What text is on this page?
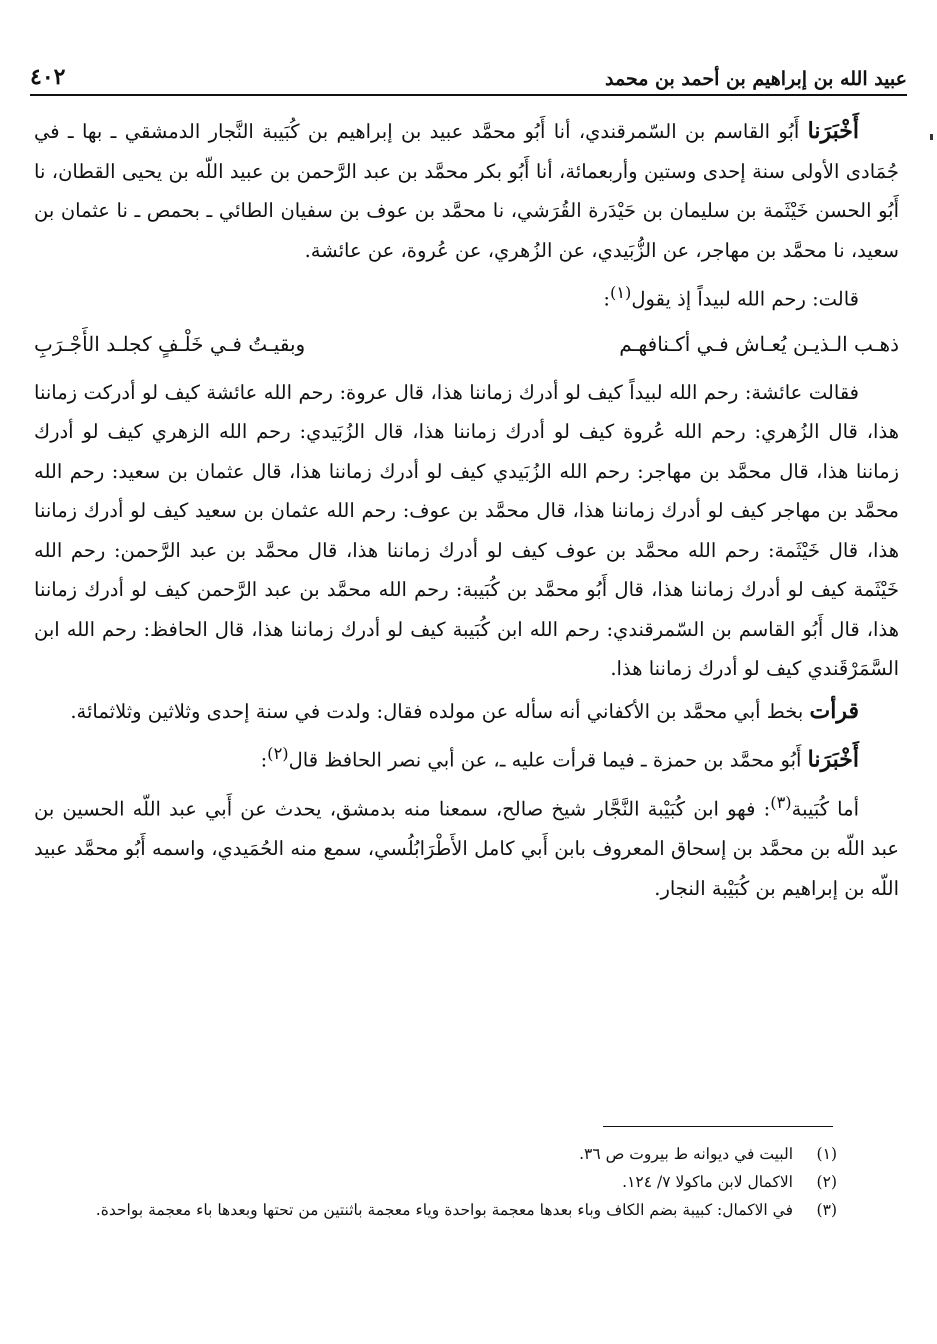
٤٠٢	عبيد الله بن إبراهيم بن أحمد بن محمد

أَخْبَرَنا أَبُو القاسم بن السّمرقندي، أنا أَبُو محمَّد عبيد بن إبراهيم بن كُبَيبة النَّجار الدمشقي ـ بها ـ في جُمَادى الأولى سنة إحدى وستين وأربعمائة، أنا أَبُو بكر محمَّد بن عبد الرَّحمن بن عبيد اللّه بن يحيى القطان، نا أَبُو الحسن خَيْثَمة بن سليمان بن حَيْدَرة القُرَشي، نا محمَّد بن عوف بن سفيان الطائي ـ بحمص ـ نا عثمان بن سعيد، نا محمَّد بن مهاجر، عن الزُّبَيدي، عن الزُهري، عن عُروة، عن عائشة.

قالت: رحم الله لبيداً إذ يقول$^{(١)}$:

ذهـب الـذيـن يُعـاش فـي أكـنافهـم
وبقيـتُ فـي خَلْـفٍ كجلـد الأَجْـرَبِ

فقالت عائشة: رحم الله لبيداً كيف لو أدرك زماننا هذا، قال عروة: رحم الله عائشة كيف لو أدركت زماننا هذا، قال الزُهري: رحم الله عُروة كيف لو أدرك زماننا هذا، قال الزُبَيدي: رحم الله الزهري كيف لو أدرك زماننا هذا، قال محمَّد بن مهاجر: رحم الله الزُبَيدي كيف لو أدرك زماننا هذا، قال عثمان بن سعيد: رحم الله محمَّد بن مهاجر كيف لو أدرك زماننا هذا، قال محمَّد بن عوف: رحم الله عثمان بن سعيد كيف لو أدرك زماننا هذا، قال خَيْثَمة: رحم الله محمَّد بن عوف كيف لو أدرك زماننا هذا، قال محمَّد بن عبد الرَّحمن: رحم الله خَيْثَمة كيف لو أدرك زماننا هذا، قال أَبُو محمَّد بن كُبَيبة: رحم الله محمَّد بن عبد الرَّحمن كيف لو أدرك زماننا هذا، قال أَبُو القاسم بن السّمرقندي: رحم الله ابن كُبَيبة كيف لو أدرك زماننا هذا، قال الحافظ: رحم الله ابن السَّمَرْقَندي كيف لو أدرك زماننا هذا.

قرأت بخط أبي محمَّد بن الأكفاني أنه سأله عن مولده فقال: ولدت في سنة إحدى وثلاثين وثلاثمائة.

أَخْبَرَنا أَبُو محمَّد بن حمزة ـ فيما قرأت عليه ـ، عن أبي نصر الحافظ قال$^{(٢)}$:

أما كُبَيبة$^{(٣)}$: فهو ابن كُبَيْبة النَّجَّار شيخ صالح، سمعنا منه بدمشق، يحدث عن أَبي عبد اللّه الحسين بن عبد اللّه بن محمَّد بن إسحاق المعروف بابن أَبي كامل الأَطْرَابُلُسي، سمع منه الحُمَيدي، واسمه أَبُو محمَّد عبيد اللّه بن إبراهيم بن كُبَيْبة النجار.

(١)
البيت في ديوانه ط بيروت ص ٣٦.
(٢)
الاكمال لابن ماكولا ٧/ ١٢٤.
(٣)
في الاكمال: كبيبة بضم الكاف وباء بعدها معجمة بواحدة وياء معجمة باثنتين من تحتها وبعدها باء معجمة بواحدة.
